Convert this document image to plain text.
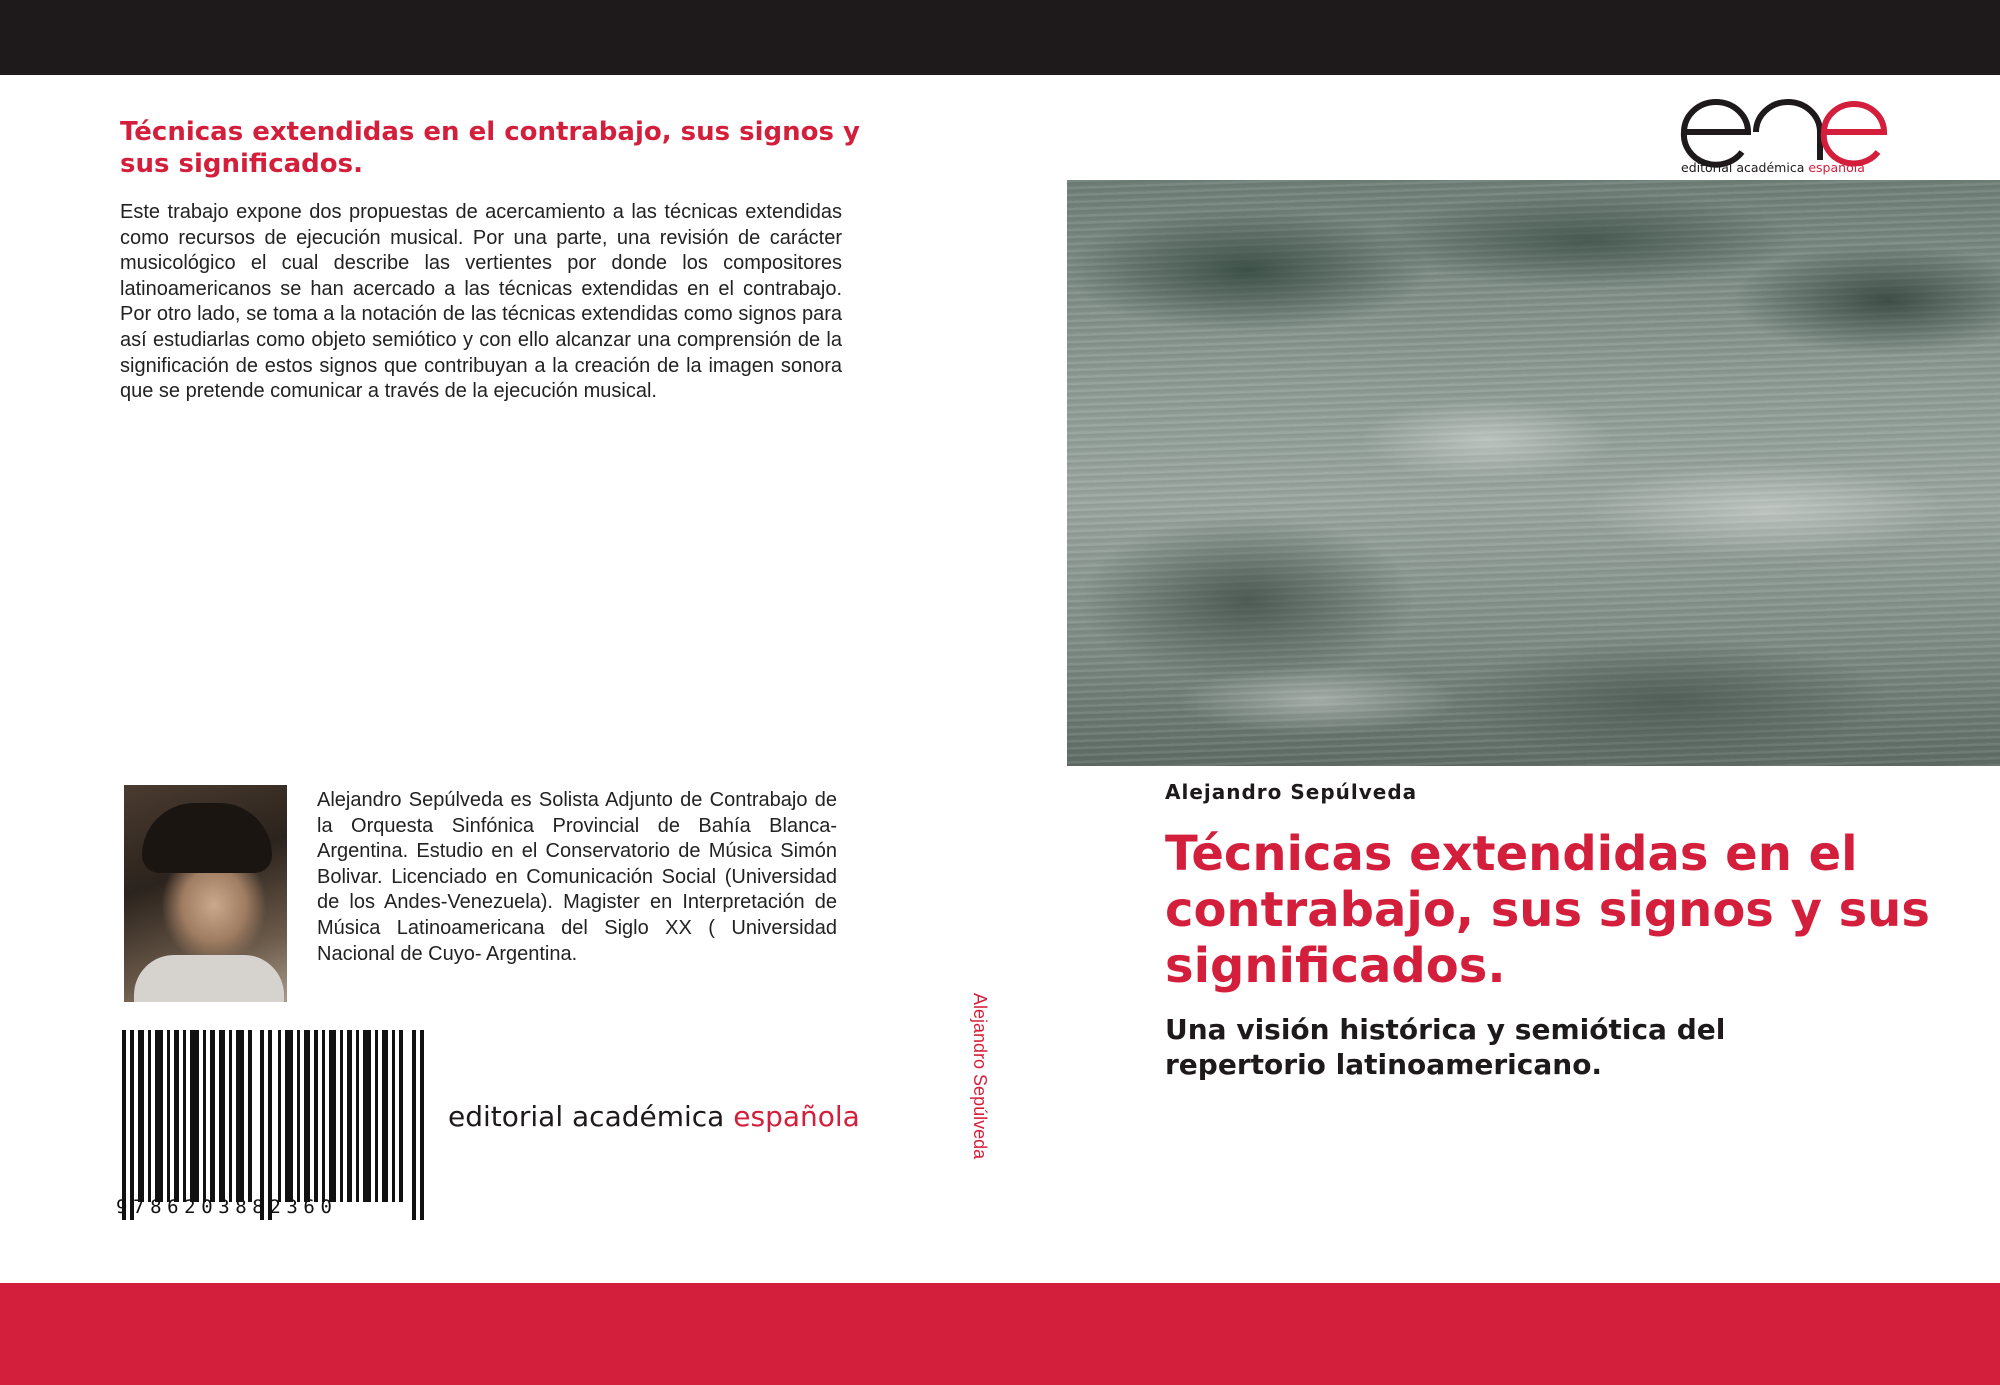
Técnicas extendidas en el contrabajo, sus signos y sus significados.

Este trabajo expone dos propuestas de acercamiento a las técnicas extendidas como recursos de ejecución musical. Por una parte, una revisión de carácter musicológico el cual describe las vertientes por donde los compositores latinoamericanos se han acercado a las técnicas extendidas en el contrabajo. Por otro lado, se toma a la notación de las técnicas extendidas como signos para así estudiarlas como objeto semiótico y con ello alcanzar una comprensión de la significación de estos signos que contribuyan a la creación de la imagen sonora que se pretende comunicar a través de la ejecución musical.

Alejandro Sepúlveda es Solista Adjunto de Contrabajo de la Orquesta Sinfónica Provincial de Bahía Blanca-Argentina. Estudio en el Conservatorio de Música Simón Bolivar. Licenciado en Comunicación Social (Universidad de los Andes-Venezuela). Magister en Interpretación de Música Latinoamericana del Siglo XX ( Universidad Nacional de Cuyo- Argentina.

9786203882360
editorial académica española	Alejandro Sepúlveda
editorial académica española
Alejandro Sepúlveda
Técnicas extendidas en el contrabajo, sus signos y sus significados.
Una visión histórica y semiótica del repertorio latinoamericano.
